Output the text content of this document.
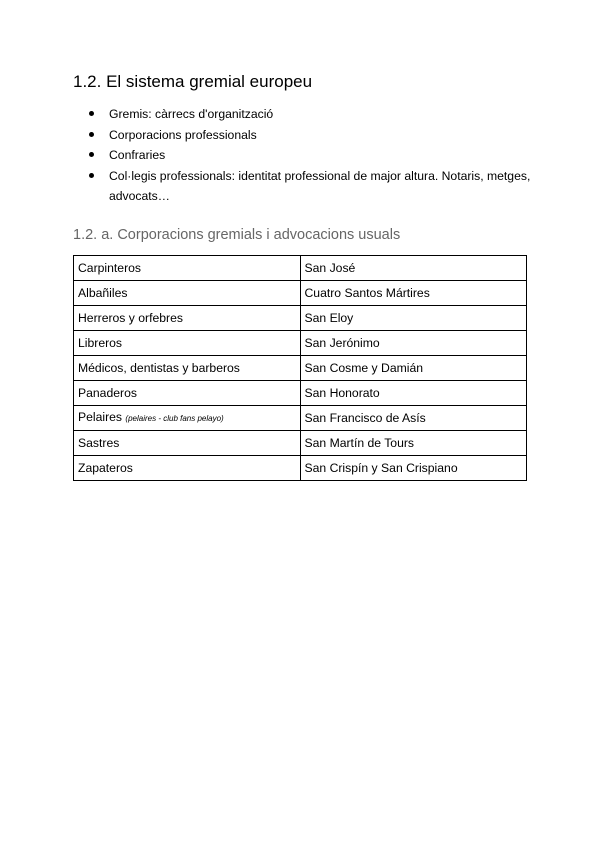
1.2. El sistema gremial europeu
Gremis: càrrecs d'organització
Corporacions professionals
Confraries
Col·legis professionals: identitat professional de major altura. Notaris, metges, advocats…
1.2. a. Corporacions gremials i advocacions usuals
Carpinteros	San José
Albañiles	Cuatro Santos Mártires
Herreros y orfebres	San Eloy
Libreros	San Jerónimo
Médicos, dentistas y barberos	San Cosme y Damián
Panaderos	San Honorato
Pelaires (pelaires - club fans pelayo)	San Francisco de Asís
Sastres	San Martín de Tours
Zapateros	San Crispín y San Crispiano
